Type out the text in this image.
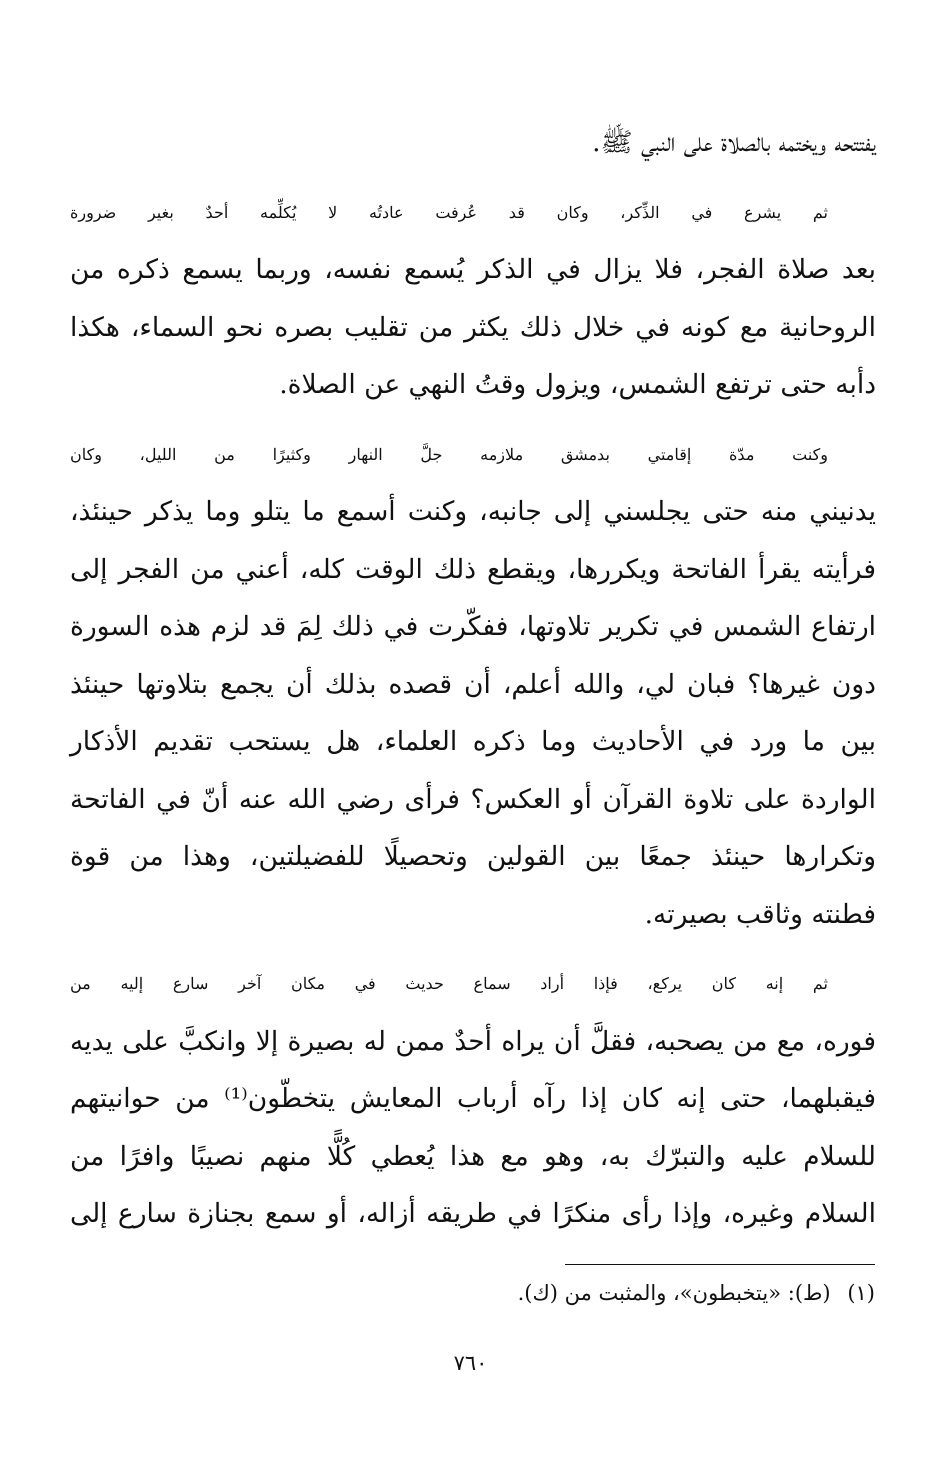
يفتتحه ويختمه بالصلاة على النبي ﷺ.

ثم يشرع في الذِّكر، وكان قد عُرفت عادتُه لا يُكلِّمه أحدٌ بغير ضرورة
بعد صلاة الفجر، فلا يزال في الذكر يُسمع نفسه، وربما يسمع ذكره من
الروحانية مع كونه في خلال ذلك يكثر من تقليب بصره نحو السماء، هكذا
دأبه حتى ترتفع الشمس، ويزول وقتُ النهي عن الصلاة.

وكنت مدّة إقامتي بدمشق ملازمه جلَّ النهار وكثيرًا من الليل، وكان
يدنيني منه حتى يجلسني إلى جانبه، وكنت أسمع ما يتلو وما يذكر حينئذ،
فرأيته يقرأ الفاتحة ويكررها، ويقطع ذلك الوقت كله، أعني من الفجر إلى
ارتفاع الشمس في تكرير تلاوتها، ففكّرت في ذلك لِمَ قد لزم هذه السورة
دون غيرها؟ فبان لي، والله أعلم، أن قصده بذلك أن يجمع بتلاوتها حينئذ
بين ما ورد في الأحاديث وما ذكره العلماء، هل يستحب تقديم الأذكار
الواردة على تلاوة القرآن أو العكس؟ فرأى رضي الله عنه أنّ في الفاتحة
وتكرارها حينئذ جمعًا بين القولين وتحصيلًا للفضيلتين، وهذا من قوة
فطنته وثاقب بصيرته.

ثم إنه كان يركع، فإذا أراد سماع حديث في مكان آخر سارع إليه من
فوره، مع من يصحبه، فقلَّ أن يراه أحدٌ ممن له بصيرة إلا وانكبَّ على يديه
فيقبلهما، حتى إنه كان إذا رآه أرباب المعايش يتخطّون⁽¹⁾ من حوانيتهم
للسلام عليه والتبرّك به، وهو مع هذا يُعطي كُلًّا منهم نصيبًا وافرًا من
السلام وغيره، وإذا رأى منكرًا في طريقه أزاله، أو سمع بجنازة سارع إلى

(١) (ط): «يتخبطون»، والمثبت من (ك).
٧٦٠
